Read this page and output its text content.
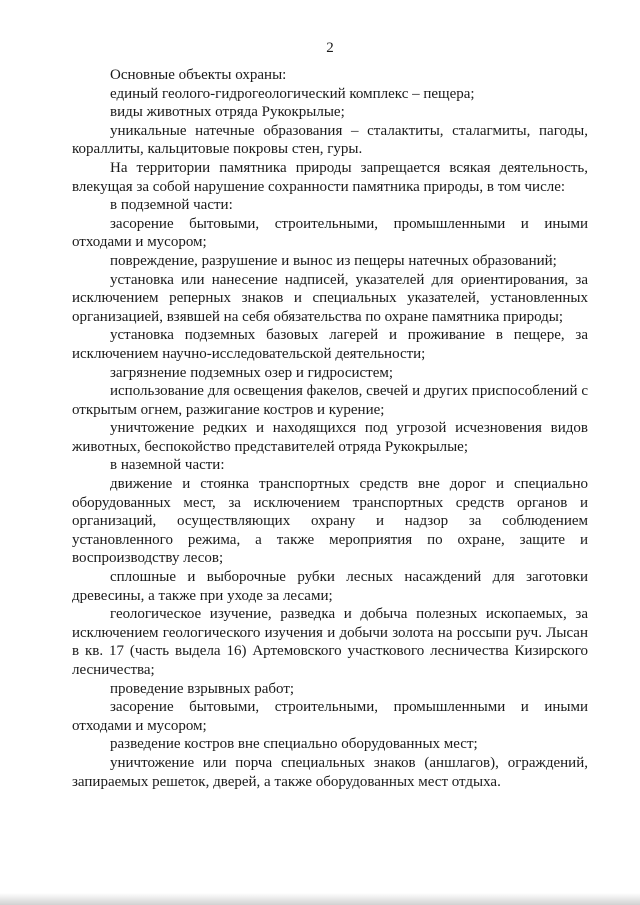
2

Основные объекты охраны:

единый геолого-гидрогеологический комплекс – пещера;

виды животных отряда Рукокрылые;

уникальные натечные образования – сталактиты, сталагмиты, пагоды, кораллиты, кальцитовые покровы стен, гуры.

На территории памятника природы запрещается всякая деятельность, влекущая за собой нарушение сохранности памятника природы, в том числе:

в подземной части:

засорение бытовыми, строительными, промышленными и иными отходами и мусором;

повреждение, разрушение и вынос из пещеры натечных образований;

установка или нанесение надписей, указателей для ориентирования, за исключением реперных знаков и специальных указателей, установленных организацией, взявшей на себя обязательства по охране памятника природы;

установка подземных базовых лагерей и проживание в пещере, за исключением научно-исследовательской деятельности;

загрязнение подземных озер и гидросистем;

использование для освещения факелов, свечей и других приспособлений с открытым огнем, разжигание костров и курение;

уничтожение редких и находящихся под угрозой исчезновения видов животных, беспокойство представителей отряда Рукокрылые;

в наземной части:

движение и стоянка транспортных средств вне дорог и специально оборудованных мест, за исключением транспортных средств органов и организаций, осуществляющих охрану и надзор за соблюдением установленного режима, а также мероприятия по охране, защите и воспроизводству лесов;

сплошные и выборочные рубки лесных насаждений для заготовки древесины, а также при уходе за лесами;

геологическое изучение, разведка и добыча полезных ископаемых, за исключением геологического изучения и добычи золота на россыпи руч. Лысан в кв. 17 (часть выдела 16) Артемовского участкового лесничества Кизирского лесничества;

проведение взрывных работ;

засорение бытовыми, строительными, промышленными и иными отходами и мусором;

разведение костров вне специально оборудованных мест;

уничтожение или порча специальных знаков (аншлагов), ограждений, запираемых решеток, дверей, а также оборудованных мест отдыха.
